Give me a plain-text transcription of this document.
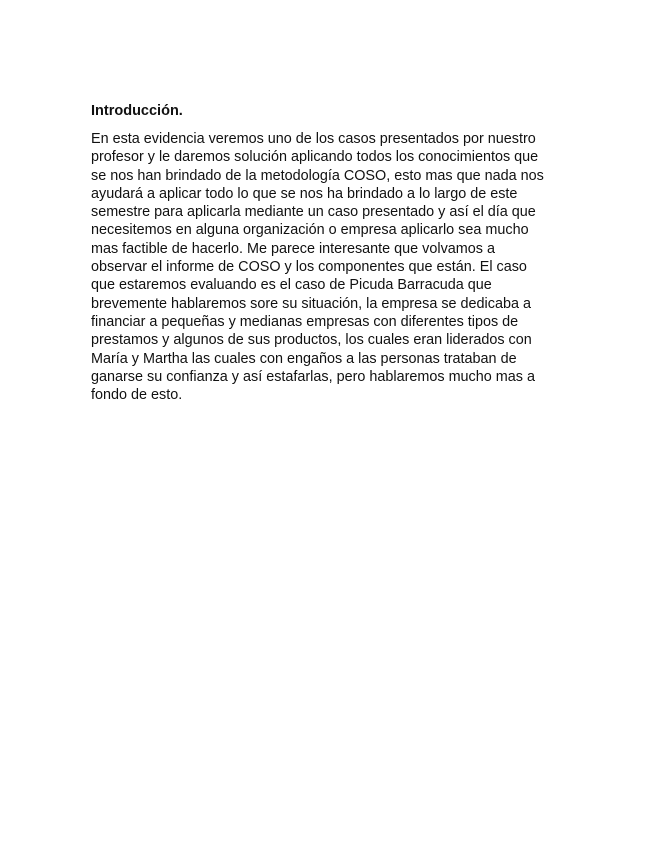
Introducción.

En esta evidencia veremos uno de los casos presentados por nuestro
profesor y le daremos solución aplicando todos los conocimientos que
se nos han brindado de la metodología COSO, esto mas que nada nos
ayudará a aplicar todo lo que se nos ha brindado a lo largo de este
semestre para aplicarla mediante un caso presentado y así el día que
necesitemos en alguna organización o empresa aplicarlo sea mucho
mas factible de hacerlo. Me parece interesante que volvamos a
observar el informe de COSO y los componentes que están. El caso
que estaremos evaluando es el caso de Picuda Barracuda que
brevemente hablaremos sore su situación, la empresa se dedicaba a
financiar a pequeñas y medianas empresas con diferentes tipos de
prestamos y algunos de sus productos, los cuales eran liderados con
María y Martha las cuales con engaños a las personas trataban de
ganarse su confianza y así estafarlas, pero hablaremos mucho mas a
fondo de esto.
